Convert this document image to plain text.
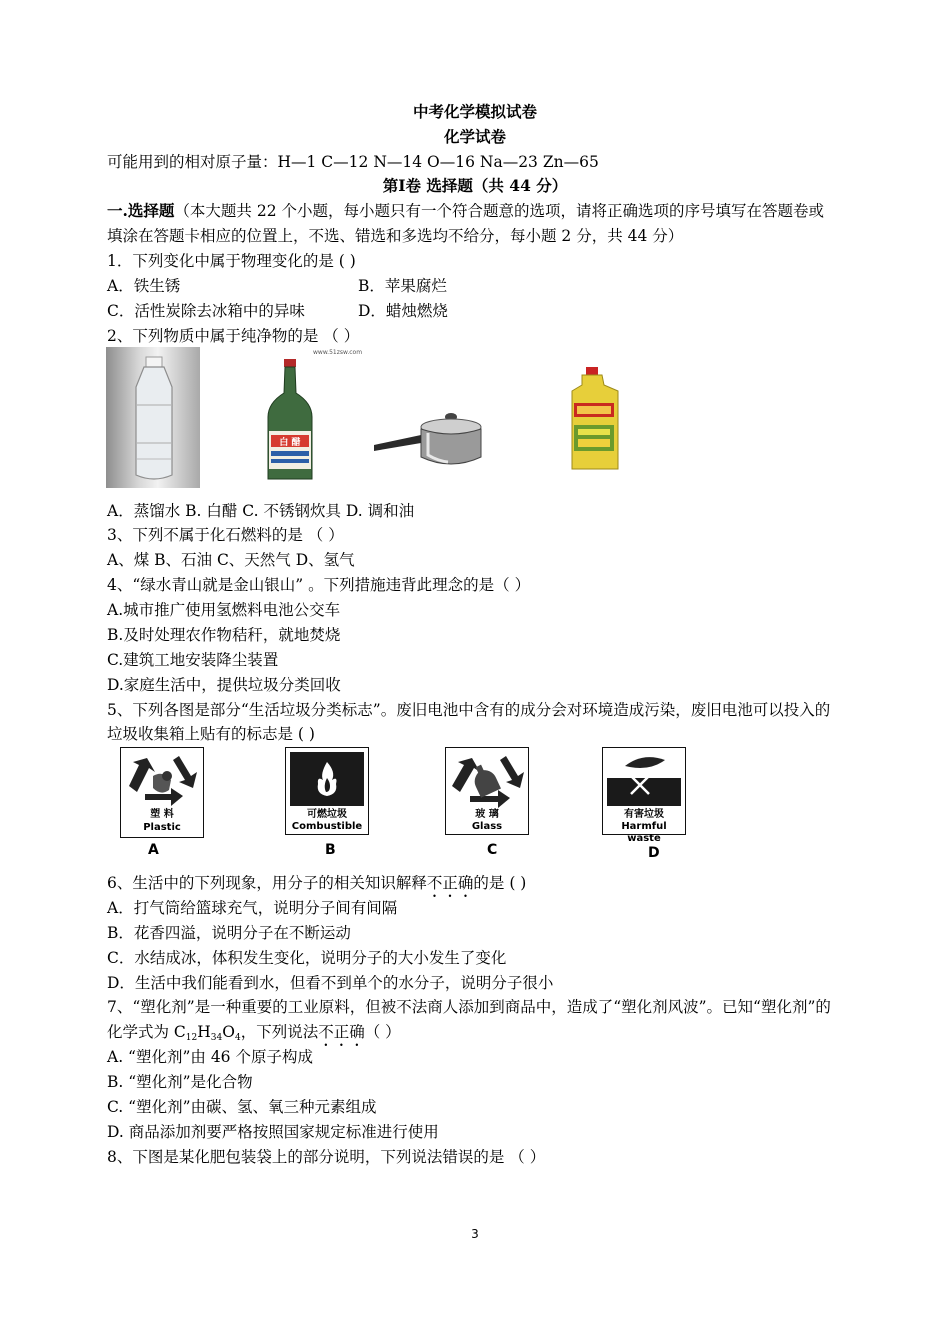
中考化学模拟试卷
化学试卷
可能用到的相对原子量：H—1 C—12 N—14 O—16 Na—23 Zn—65
第Ⅰ卷 选择题（共 44 分）
一.选择题（本大题共 22 个小题，每小题只有一个符合题意的选项，请将正确选项的序号填写在答题卷或
填涂在答题卡相应的位置上，不选、错选和多选均不给分，每小题 2 分，共 44 分）
1．下列变化中属于物理变化的是 ( )
A．铁生锈	B．苹果腐烂
C．活性炭除去冰箱中的异味	D．蜡烛燃烧
2、下列物质中属于纯净物的是 （ ）
www.51zsw.com
白 醋
A．蒸馏水 B. 白醋 C. 不锈钢炊具 D. 调和油
3、下列不属于化石燃料的是 （ ）
A、煤 B、石油 C、天然气 D、氢气
4、“绿水青山就是金山银山” 。下列措施违背此理念的是（ ）
A.城市推广使用氢燃料电池公交车
B.及时处理农作物秸秆，就地焚烧
C.建筑工地安装降尘装置
D.家庭生活中，提供垃圾分类回收
5、下列各图是部分“生活垃圾分类标志”。废旧电池中含有的成分会对环境造成污染，废旧电池可以投入的
垃圾收集箱上贴有的标志是 ( )
塑 料
Plastic
A
可燃垃圾
Combustible
B
玻 璃
Glass
C
有害垃圾
Harmful waste
D
6、生活中的下列现象，用分子的相关知识解释不正确的是 ( )
A．打气筒给篮球充气，说明分子间有间隔
B．花香四溢，说明分子在不断运动
C．水结成冰，体积发生变化，说明分子的大小发生了变化
D．生活中我们能看到水，但看不到单个的水分子，说明分子很小
7、“塑化剂”是一种重要的工业原料，但被不法商人添加到商品中，造成了“塑化剂风波”。已知“塑化剂”的
化学式为 $C_{12}H_{34}O_4$，下列说法不正确（ ）
A. “塑化剂”由 46 个原子构成
B. “塑化剂”是化合物
C. “塑化剂”由碳、氢、氧三种元素组成
D. 商品添加剂要严格按照国家规定标准进行使用
8、下图是某化肥包装袋上的部分说明，下列说法错误的是 （ ）
3
